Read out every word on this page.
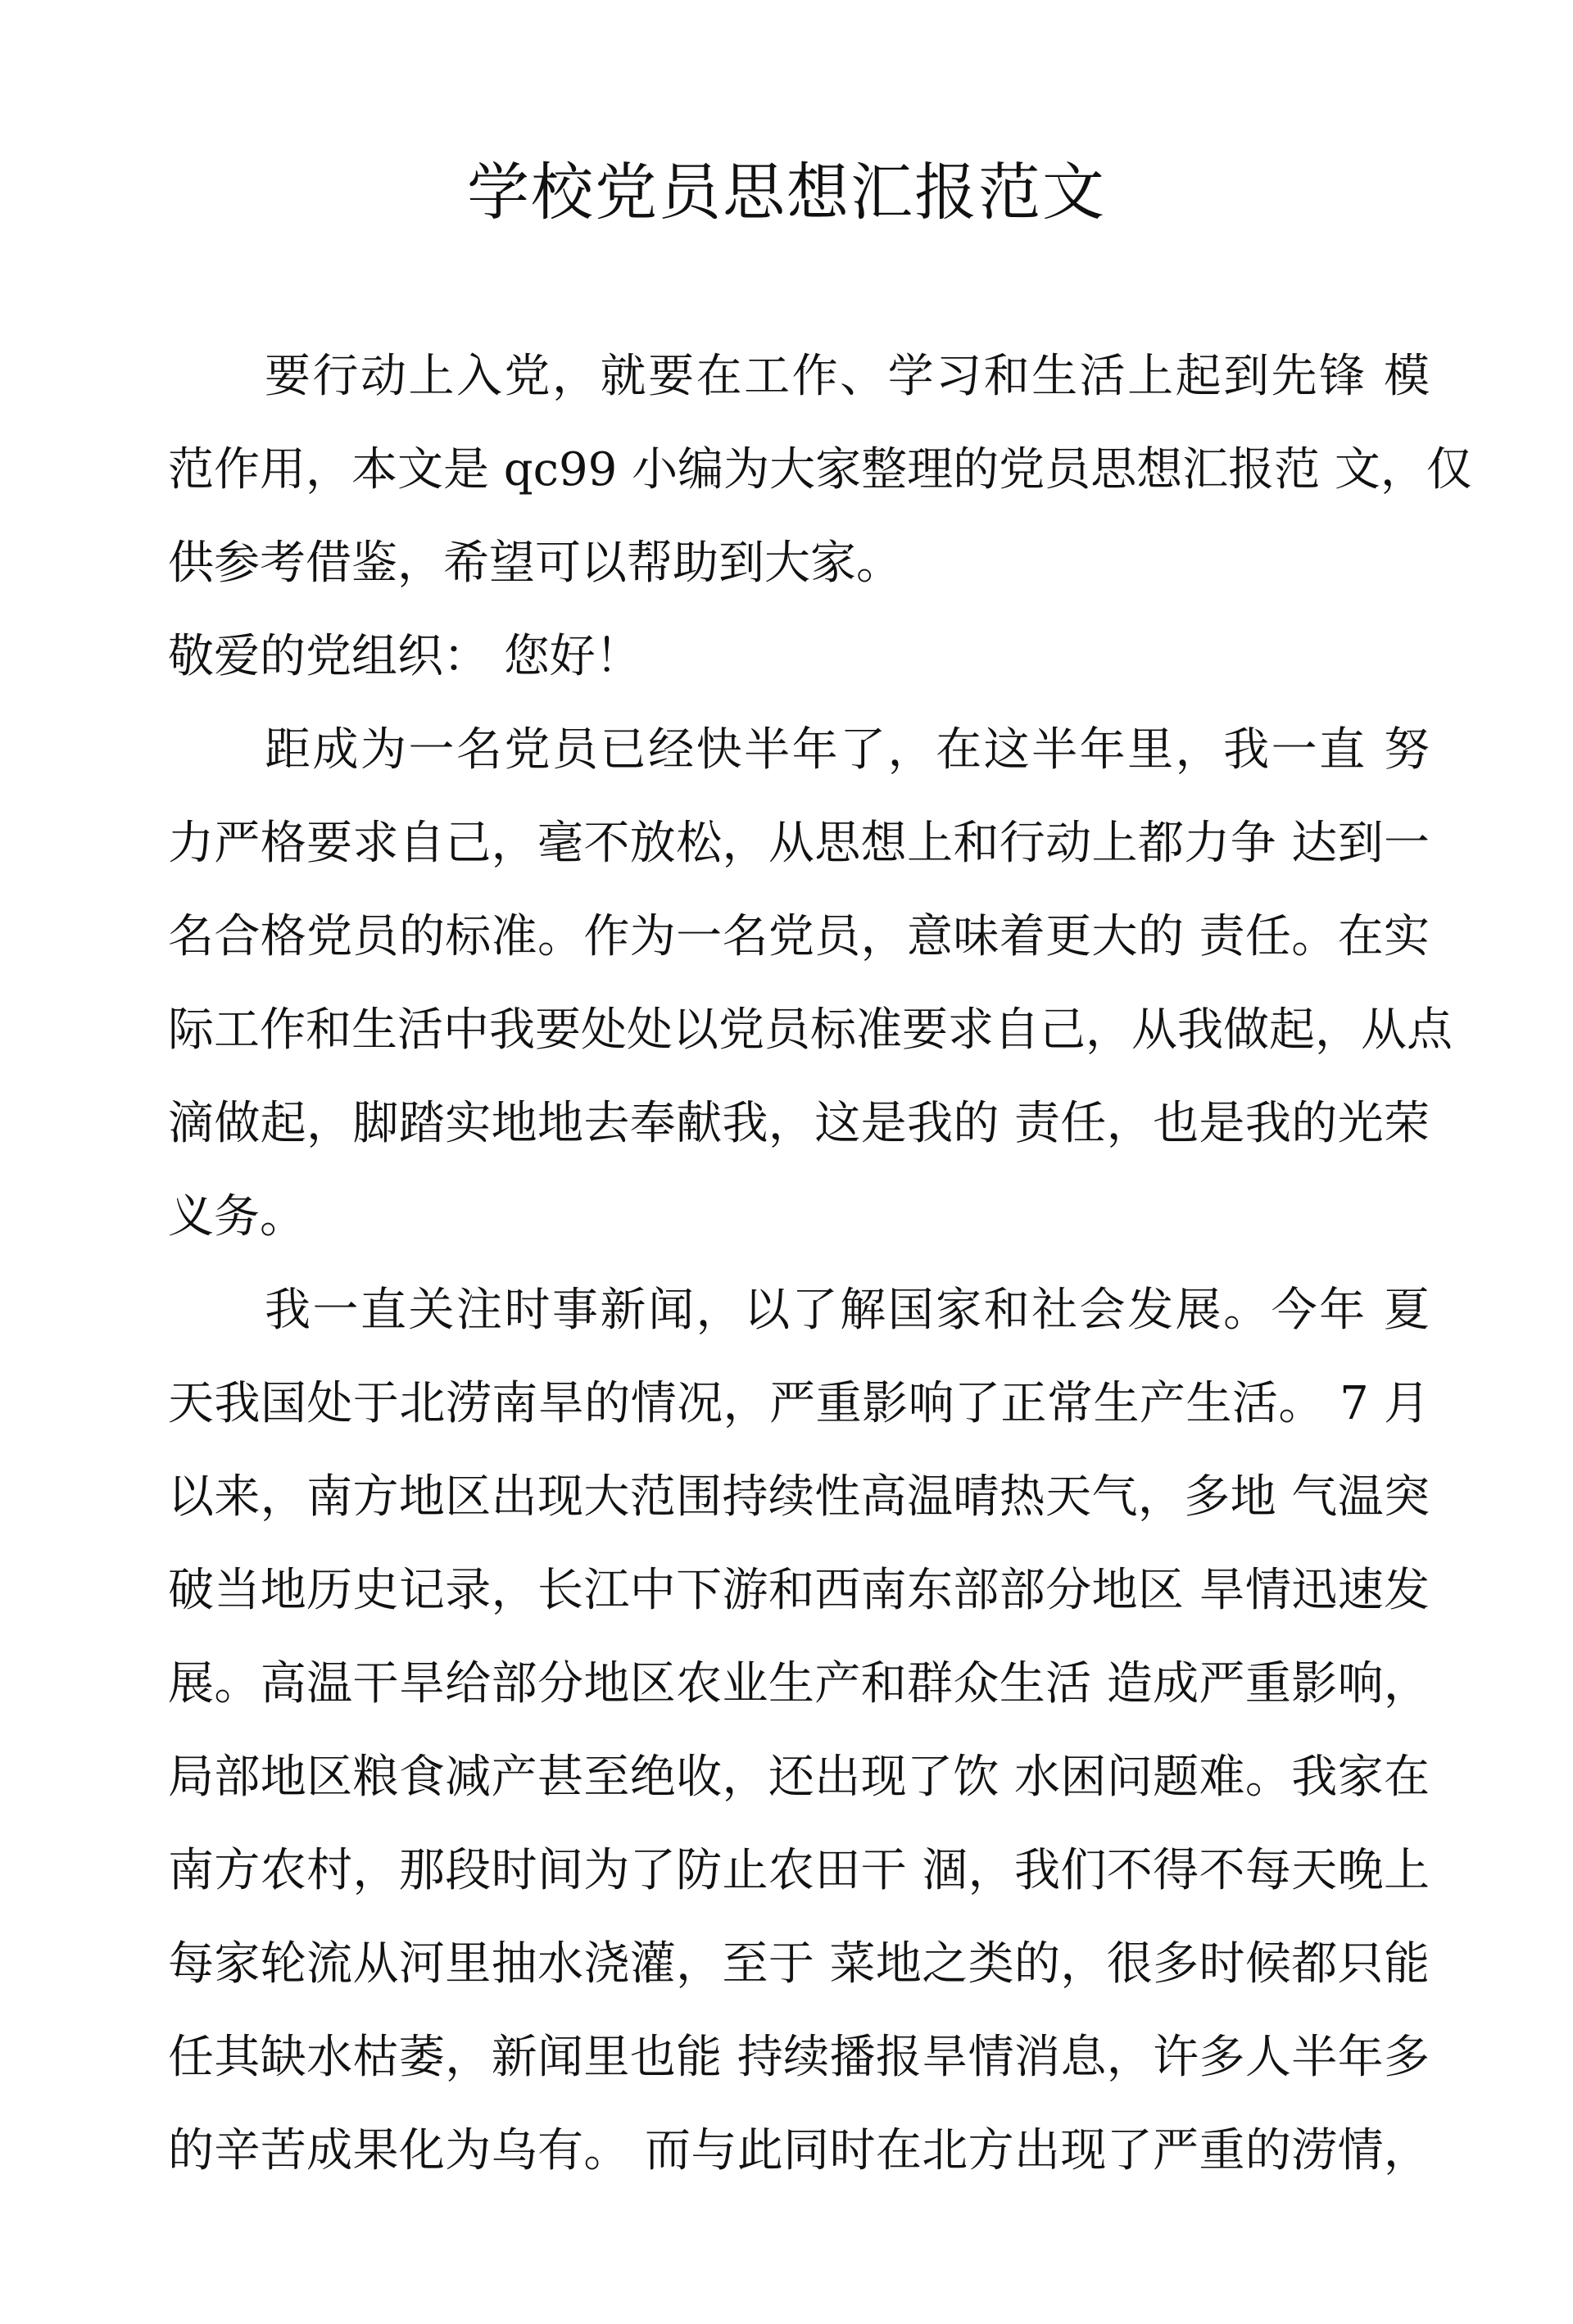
学校党员思想汇报范文
要行动上入党，就要在工作、学习和生活上起到先锋 模
范作用，本文是 qc99 小编为大家整理的党员思想汇报范 文，仅
供参考借鉴，希望可以帮助到大家。
敬爱的党组织： 您好！
距成为一名党员已经快半年了，在这半年里，我一直 努
力严格要求自己，毫不放松，从思想上和行动上都力争 达到一
名合格党员的标准。作为一名党员，意味着更大的 责任。在实
际工作和生活中我要处处以党员标准要求自己，从我做起，从点
滴做起，脚踏实地地去奉献我，这是我的 责任，也是我的光荣
义务。
我一直关注时事新闻，以了解国家和社会发展。今年 夏
天我国处于北涝南旱的情况，严重影响了正常生产生活。 7 月
以来，南方地区出现大范围持续性高温晴热天气，多地 气温突
破当地历史记录，长江中下游和西南东部部分地区 旱情迅速发
展。高温干旱给部分地区农业生产和群众生活 造成严重影响，
局部地区粮食减产甚至绝收，还出现了饮 水困问题难。我家在
南方农村，那段时间为了防止农田干 涸，我们不得不每天晚上
每家轮流从河里抽水浇灌，至于 菜地之类的，很多时候都只能
任其缺水枯萎，新闻里也能 持续播报旱情消息，许多人半年多
的辛苦成果化为乌有。 而与此同时在北方出现了严重的涝情，
